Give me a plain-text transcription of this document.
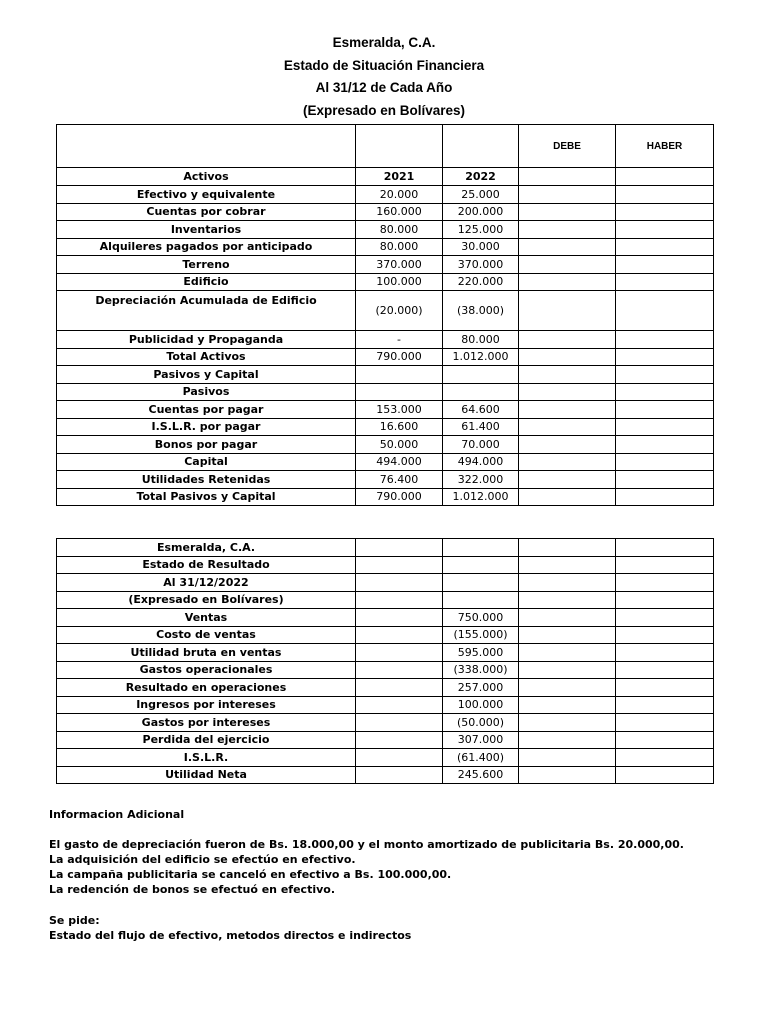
Esmeralda, C.A.
Estado de Situación Financiera
Al 31/12 de Cada Año
(Expresado en Bolívares)
			DEBE	HABER
Activos	2021	2022		
Efectivo y equivalente	20.000	25.000		
Cuentas por cobrar	160.000	200.000		
Inventarios	80.000	125.000		
Alquileres pagados por anticipado	80.000	30.000		
Terreno	370.000	370.000		
Edificio	100.000	220.000		

Depreciación Acumulada de Edificio	(20.000)	(38.000)		
Publicidad y Propaganda	-	80.000		
Total Activos	790.000	1.012.000		
Pasivos y Capital				
Pasivos				
Cuentas por pagar	153.000	64.600		
I.S.L.R. por pagar	16.600	61.400		
Bonos por pagar	50.000	70.000		
Capital	494.000	494.000		
Utilidades Retenidas	76.400	322.000		
Total Pasivos y Capital	790.000	1.012.000		
Esmeralda, C.A.				
Estado de Resultado				
Al 31/12/2022				
(Expresado en Bolívares)				
Ventas		750.000		
Costo de ventas		(155.000)		
Utilidad bruta en ventas		595.000		
Gastos operacionales		(338.000)		
Resultado en operaciones		257.000		
Ingresos por intereses		100.000		
Gastos por intereses		(50.000)		
Perdida del ejercicio		307.000		
I.S.L.R.		(61.400)		
Utilidad Neta		245.600		
Informacion Adicional
El gasto de depreciación fueron de Bs. 18.000,00 y el monto amortizado de publicitaria Bs. 20.000,00.
La adquisición del edificio se efectúo en efectivo.
La campaña publicitaria se canceló en efectivo a Bs. 100.000,00.
La redención de bonos se efectuó en efectivo.
Se pide:
Estado del flujo de efectivo, metodos directos e indirectos
